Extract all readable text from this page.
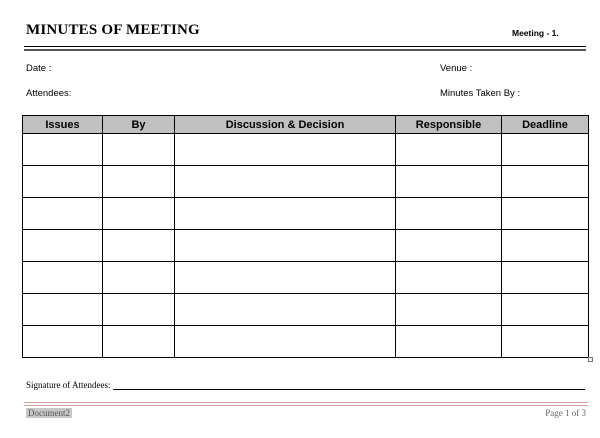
MINUTES OF MEETING	Meeting - 1.
Date :	Venue :
Attendees:	Minutes Taken By :
Issues	By	Discussion & Decision	Responsible	Deadline

Signature of Attendees:
Document2	Page 1 of 3
